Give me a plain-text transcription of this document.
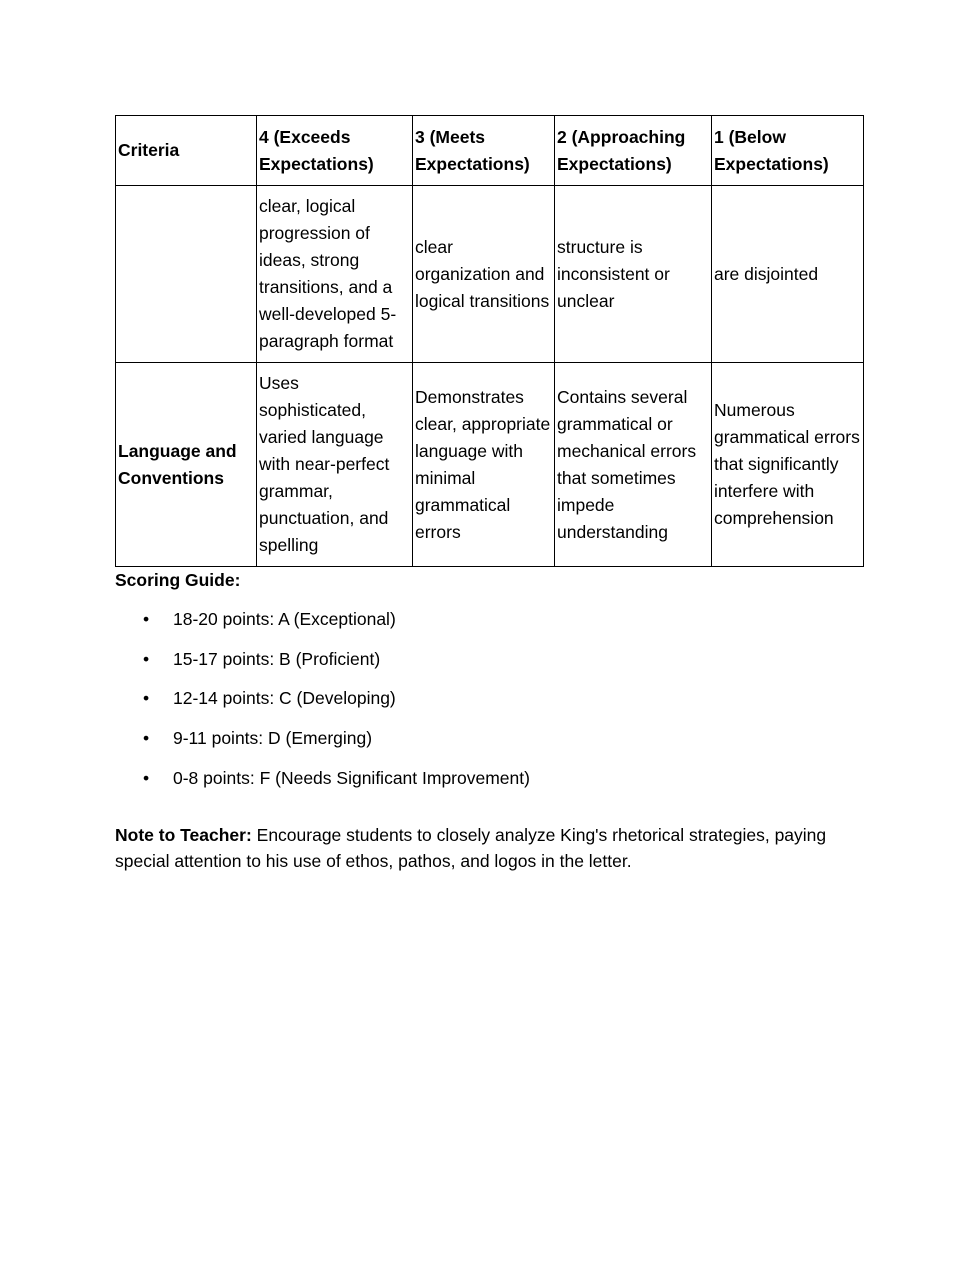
Criteria	4 (Exceeds Expectations)	3 (Meets Expectations)	2 (Approaching Expectations)	1 (Below Expectations)
	clear, logical progression of ideas, strong transitions, and a well-developed 5-paragraph format	clear organization and logical transitions	structure is inconsistent or unclear	are disjointed
Language and Conventions	Uses sophisticated, varied language with near-perfect grammar, punctuation, and spelling	Demonstrates clear, appropriate language with minimal grammatical errors	Contains several grammatical or mechanical errors that sometimes impede understanding	Numerous grammatical errors that significantly interfere with comprehension
Scoring Guide:
• 18-20 points: A (Exceptional)
• 15-17 points: B (Proficient)
• 12-14 points: C (Developing)
• 9-11 points: D (Emerging)
• 0-8 points: F (Needs Significant Improvement)

Note to Teacher: Encourage students to closely analyze King's rhetorical strategies, paying special attention to his use of ethos, pathos, and logos in the letter.
